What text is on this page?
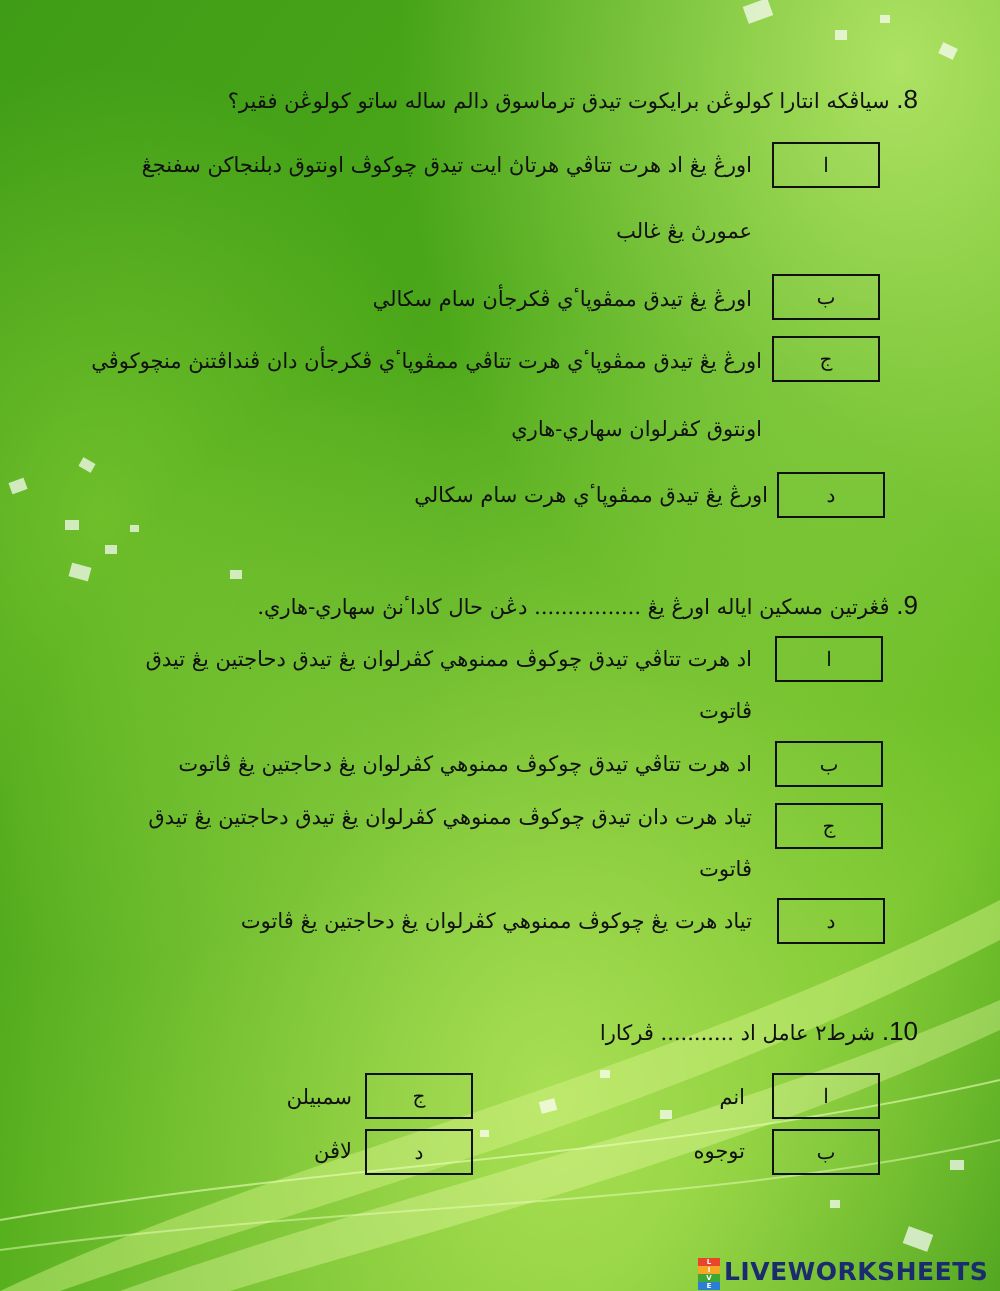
8. سياڤكه انتارا کولوڠن برايکوت تيدق ترماسوق دالم ساله ساتو کولوڠن فقير؟
ا
اورڠ يڠ اد هرت تتاڤي هرتاڽ ايت تيدق چوکوڤ اونتوق دبلنجاکن سفنجڠ
عمورڽ يڠ غالب
ب
اورڠ يڠ تيدق ممڤوڽاٴي ڤکرجأن سام سکالي
ج
اورڠ يڠ تيدق ممڤوڽاٴي هرت تتاڤي ممڤوڽاٴي ڤکرجأن دان ڤنداڤتنڽ منچوکوڤي
اونتوق کڤرلوان سهاري-هاري
د
اورڠ يڠ تيدق ممڤوڽاٴي هرت سام سکالي
9. ڤڠرتين مسکين اياله اورڠ يڠ ................ دڠن حال کاداٴنڽ سهاري-هاري.
ا
اد هرت تتاڤي تيدق چوکوڤ ممنوهي کڤرلوان يڠ تيدق دحاجتين يڠ تيدق
ڤاتوت
ب
اد هرت تتاڤي تيدق چوکوڤ ممنوهي کڤرلوان يڠ دحاجتين يڠ ڤاتوت
ج
تياد هرت دان تيدق چوکوڤ ممنوهي کڤرلوان يڠ تيدق دحاجتين يڠ تيدق
ڤاتوت
د
تياد هرت يڠ چوکوڤ ممنوهي کڤرلوان يڠ دحاجتين يڠ ڤاتوت
10. شرط٢ عامل اد ........... ڤرکارا
ا
انم
ب
توجوه
ج
سمبيلن
د
لاڤن
L
I
V
E
LIVEWORKSHEETS
